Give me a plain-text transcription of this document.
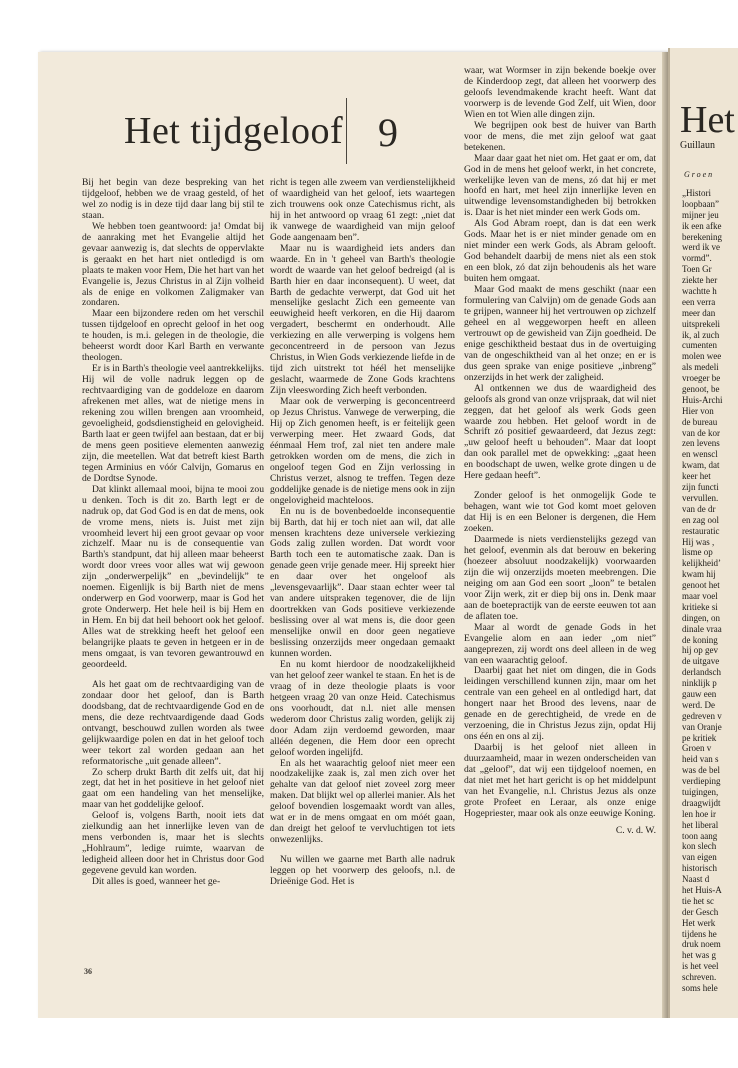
Het tijdgeloof 9

Bij het begin van deze bespreking van het tijdgeloof, hebben we de vraag gesteld, of het wel zo nodig is in deze tijd daar lang bij stil te staan.

We hebben toen geantwoord: ja! Omdat bij de aanraking met het Evangelie altijd het gevaar aanwezig is, dat slechts de oppervlakte is geraakt en het hart niet ontledigd is om plaats te maken voor Hem, Die het hart van het Evangelie is, Jezus Christus in al Zijn volheid als de enige en volkomen Zaligmaker van zondaren.

Maar een bijzondere reden om het verschil tussen tijdgeloof en oprecht geloof in het oog te houden, is m.i. gelegen in de theologie, die beheerst wordt door Karl Barth en verwante theologen.

Er is in Barth's theologie veel aantrekkelijks. Hij wil de volle nadruk leggen op de rechtvaardiging van de goddeloze en daarom afrekenen met alles, wat de nietige mens in rekening zou willen brengen aan vroomheid, gevoeligheid, godsdienstigheid en gelovigheid. Barth laat er geen twijfel aan bestaan, dat er bij de mens geen positieve elementen aanwezig zijn, die meetellen. Wat dat betreft kiest Barth tegen Arminius en vóór Calvijn, Gomarus en de Dordtse Synode.

Dat klinkt allemaal mooi, bijna te mooi zou u denken. Toch is dit zo. Barth legt er de nadruk op, dat God God is en dat de mens, ook de vrome mens, niets is. Juist met zijn vroomheid levert hij een groot gevaar op voor zichzelf. Maar nu is de consequentie van Barth's standpunt, dat hij alleen maar beheerst wordt door vrees voor alles wat wij gewoon zijn „onderwerpelijk” en „bevindelijk” te noemen. Eigenlijk is bij Barth niet de mens onderwerp en God voorwerp, maar is God het grote Onderwerp. Het hele heil is bij Hem en in Hem. En bij dat heil behoort ook het geloof. Alles wat de strekking heeft het geloof een belangrijke plaats te geven in hetgeen er in de mens omgaat, is van tevoren gewantrouwd en geoordeeld.

Als het gaat om de rechtvaardiging van de zondaar door het geloof, dan is Barth doodsbang, dat de rechtvaardigende God en de mens, die deze rechtvaardigende daad Gods ontvangt, beschouwd zullen worden als twee gelijkwaardige polen en dat in het geloof toch weer tekort zal worden gedaan aan het reformatorische „uit genade alleen”.

Zo scherp drukt Barth dit zelfs uit, dat hij zegt, dat het in het positieve in het geloof niet gaat om een handeling van het menselijke, maar van het goddelijke geloof.

Geloof is, volgens Barth, nooit iets dat zielkundig aan het innerlijke leven van de mens verbonden is, maar het is slechts „Hohlraum”, ledige ruimte, waarvan de ledigheid alleen door het in Christus door God gegevene gevuld kan worden.

Dit alles is goed, wanneer het ge-

richt is tegen alle zweem van verdienstelijkheid of waardigheid van het geloof, iets waartegen zich trouwens ook onze Catechismus richt, als hij in het antwoord op vraag 61 zegt: „niet dat ik vanwege de waardigheid van mijn geloof Gode aangenaam ben”.

Maar nu is waardigheid iets anders dan waarde. En in 't geheel van Barth's theologie wordt de waarde van het geloof bedreigd (al is Barth hier en daar inconsequent). U weet, dat Barth de gedachte verwerpt, dat God uit het menselijke geslacht Zich een gemeente van eeuwigheid heeft verkoren, en die Hij daarom vergadert, beschermt en onderhoudt. Alle verkiezing en alle verwerping is volgens hem geconcentreerd in de persoon van Jezus Christus, in Wien Gods verkiezende liefde in de tijd zich uitstrekt tot héél het menselijke geslacht, waarmede de Zone Gods krachtens Zijn vleeswording Zich heeft verbonden.

Maar ook de verwerping is geconcentreerd op Jezus Christus. Vanwege de verwerping, die Hij op Zich genomen heeft, is er feitelijk geen verwerping meer. Het zwaard Gods, dat éénmaal Hem trof, zal niet ten andere male getrokken worden om de mens, die zich in ongeloof tegen God en Zijn verlossing in Christus verzet, alsnog te treffen. Tegen deze goddelijke genade is de nietige mens ook in zijn ongelovigheid machteloos.

En nu is de bovenbedoelde inconsequentie bij Barth, dat hij er toch niet aan wil, dat alle mensen krachtens deze universele verkiezing Gods zalig zullen worden. Dat wordt voor Barth toch een te automatische zaak. Dan is genade geen vrije genade meer. Hij spreekt hier en daar over het ongeloof als „levensgevaarlijk”. Daar staan echter weer tal van andere uitspraken tegenover, die de lijn doortrekken van Gods positieve verkiezende beslissing over al wat mens is, die door geen menselijke onwil en door geen negatieve beslissing onzerzijds meer ongedaan gemaakt kunnen worden.

En nu komt hierdoor de noodzakelijkheid van het geloof zeer wankel te staan. En het is de vraag of in deze theologie plaats is voor hetgeen vraag 20 van onze Heid. Catechismus ons voorhoudt, dat n.l. niet alle mensen wederom door Christus zalig worden, gelijk zij door Adam zijn verdoemd geworden, maar alléén degenen, die Hem door een oprecht geloof worden ingelijfd.

En als het waarachtig geloof niet meer een noodzakelijke zaak is, zal men zich over het gehalte van dat geloof niet zoveel zorg meer maken. Dat blijkt wel op allerlei manier. Als het geloof bovendien losgemaakt wordt van alles, wat er in de mens omgaat en om móét gaan, dan dreigt het geloof te vervluchtigen tot iets onwezenlijks.

Nu willen we gaarne met Barth alle nadruk leggen op het voorwerp des geloofs, n.l. de Drieënige God. Het is

waar, wat Wormser in zijn bekende boekje over de Kinderdoop zegt, dat alleen het voorwerp des geloofs levendmakende kracht heeft. Want dat voorwerp is de levende God Zelf, uit Wien, door Wien en tot Wien alle dingen zijn.

We begrijpen ook best de huiver van Barth voor de mens, die met zijn geloof wat gaat betekenen.

Maar daar gaat het niet om. Het gaat er om, dat God in de mens het geloof werkt, in het concrete, werkelijke leven van de mens, zó dat hij er met hoofd en hart, met heel zijn innerlijke leven en uitwendige levensomstandigheden bij betrokken is. Daar is het niet minder een werk Gods om.

Als God Abram roept, dan is dat een werk Gods. Maar het is er niet minder genade om en niet minder een werk Gods, als Abram gelooft. God behandelt daarbij de mens niet als een stok en een blok, zó dat zijn behoudenis als het ware buiten hem omgaat.

Maar God maakt de mens geschikt (naar een formulering van Calvijn) om de genade Gods aan te grijpen, wanneer hij het vertrouwen op zichzelf geheel en al weggeworpen heeft en alleen vertrouwt op de gewisheid van Zijn goedheid. De enige geschiktheid bestaat dus in de overtuiging van de ongeschiktheid van al het onze; en er is dus geen sprake van enige positieve „inbreng” onzerzijds in het werk der zaligheid.

Al ontkennen we dus de waardigheid des geloofs als grond van onze vrijspraak, dat wil niet zeggen, dat het geloof als werk Gods geen waarde zou hebben. Het geloof wordt in de Schrift zó positief gewaardeerd, dat Jezus zegt: „uw geloof heeft u behouden”. Maar dat loopt dan ook parallel met de opwekking: „gaat heen en boodschapt de uwen, welke grote dingen u de Here gedaan heeft”.

Zonder geloof is het onmogelijk Gode te behagen, want wie tot God komt moet geloven dat Hij is en een Beloner is dergenen, die Hem zoeken.

Daarmede is niets verdienstelijks gezegd van het geloof, evenmin als dat berouw en bekering (hoezeer absoluut noodzakelijk) voorwaarden zijn die wij onzerzijds moeten meebrengen. Die neiging om aan God een soort „loon” te betalen voor Zijn werk, zit er diep bij ons in. Denk maar aan de boetepractijk van de eerste eeuwen tot aan de aflaten toe.

Maar al wordt de genade Gods in het Evangelie alom en aan ieder „om niet” aangeprezen, zij wordt ons deel alleen in de weg van een waarachtig geloof.

Daarbij gaat het niet om dingen, die in Gods leidingen verschillend kunnen zijn, maar om het centrale van een geheel en al ontledigd hart, dat hongert naar het Brood des levens, naar de genade en de gerechtigheid, de vrede en de verzoening, die in Christus Jezus zijn, opdat Hij ons één en ons al zij.

Daarbij is het geloof niet alleen in duurzaamheid, maar in wezen onderscheiden van dat „geloof”, dat wij een tijdgeloof noemen, en dat niet met het hart gericht is op het middelpunt van het Evangelie, n.l. Christus Jezus als onze grote Profeet en Leraar, als onze enige Hogepriester, maar ook als onze eeuwige Koning.

C. v. d. W.
36
Het
Guillaun
Groen
„Histori
loopbaan”
mijner jeu
ik een afke
berekening
werd ik ve
vormd”.
Toen Gr
ziekte her
wachtte h
een verra
meer dan
uitsprekeli
ik, al zuch
cumenten
molen wee
als medeli
vroeger be
genoot, be
Huis-Archi
Hier von
de bureau
van de kor
zen levens
en wenscl
kwam, dat
keer het
zijn functi
vervullen.
van de dr
en zag ool
restauratic
Hij was ,
lisme op
kelijkheid’
kwam hij
genoot het
maar voel
kritieke si
dingen, on
dinale vraa
de koning
hij op gev
de uitgave
derlandsch
ninklijk p
gauw een
werd. De
gedreven v
van Oranje
pe kritiek
Groen v
heid van s
was de bel
verdieping
tuigingen,
draagwijdt
len hoe ir
het liberal
toon aang
kon slech
van eigen
historisch
Naast d
het Huis-A
tie het sc
der Gesch
Het werk
tijdens he
druk noem
het was g
is het veel
schreven.
soms hele
